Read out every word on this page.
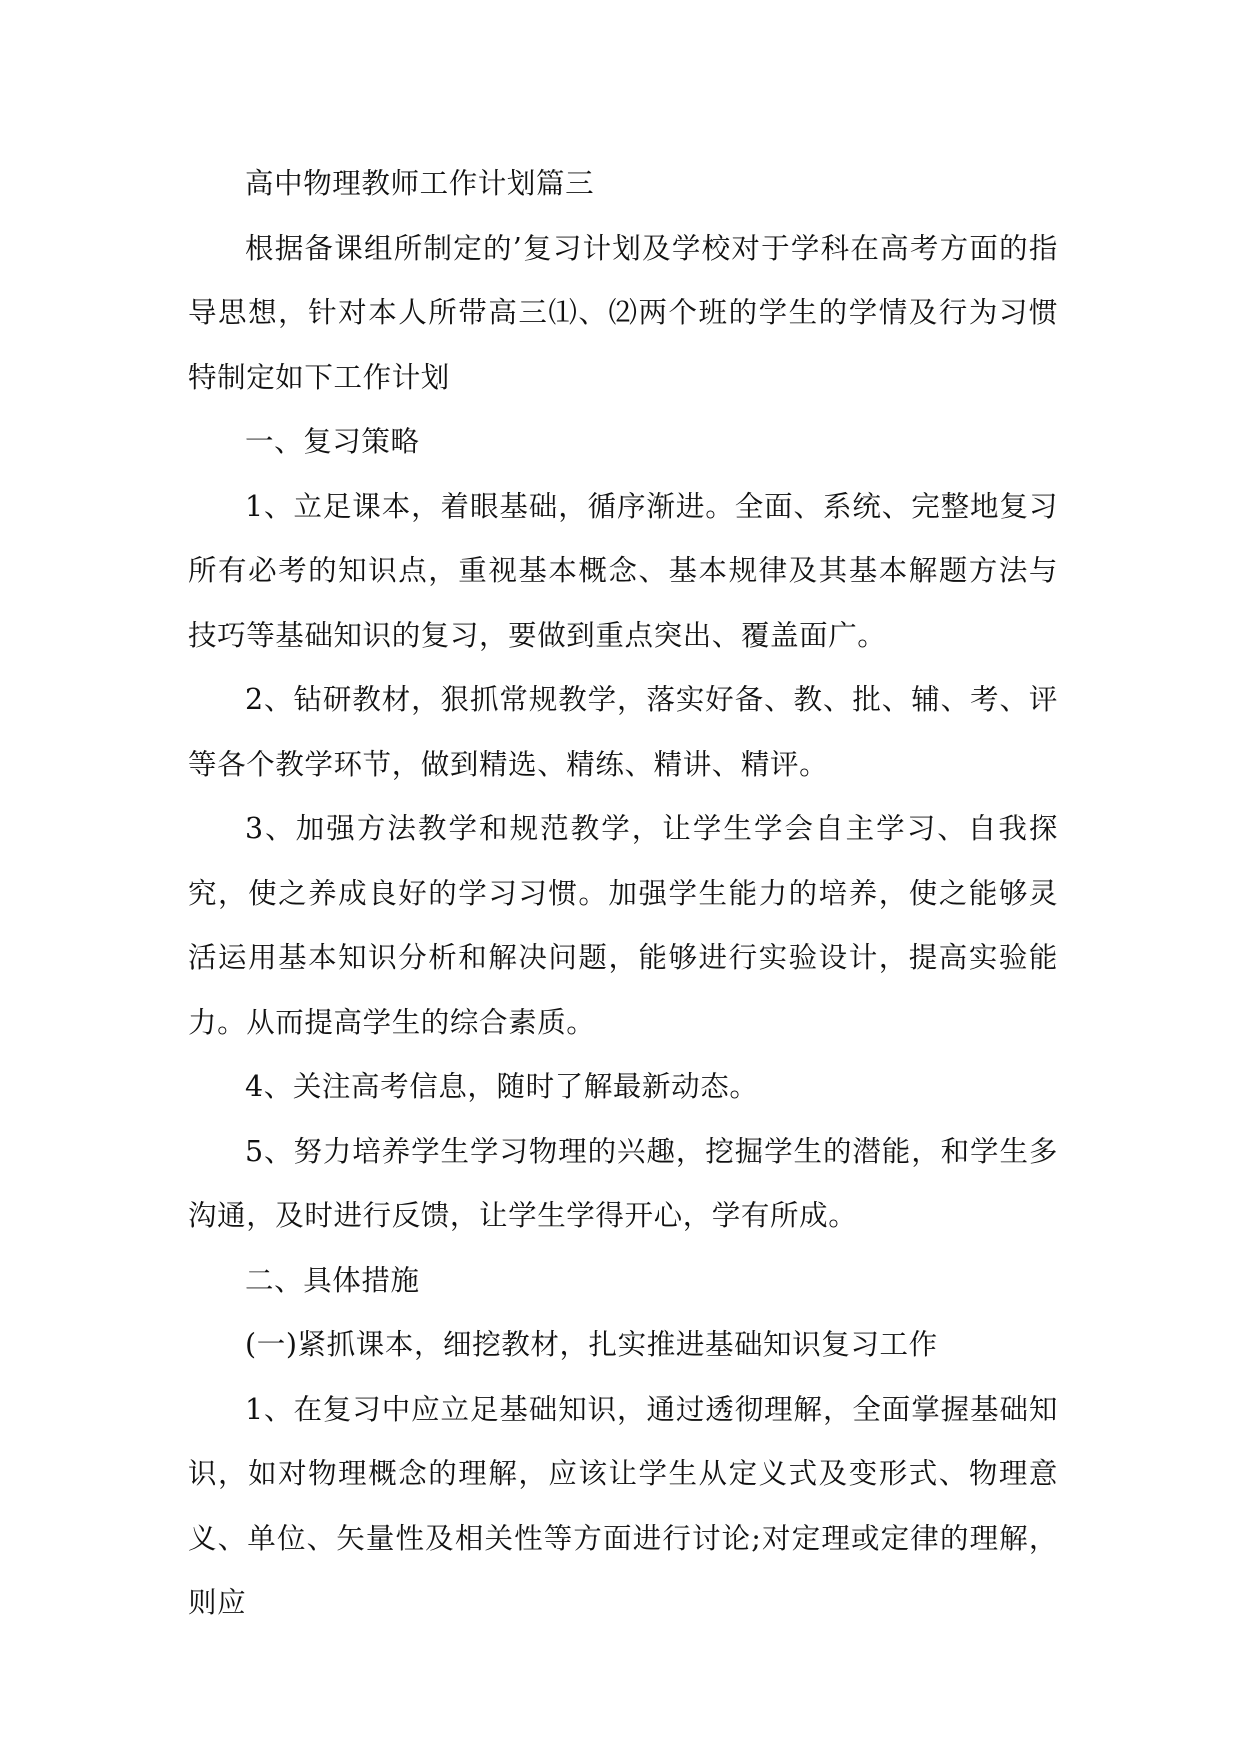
高中物理教师工作计划篇三

根据备课组所制定的’复习计划及学校对于学科在高考方面的指导思想，针对本人所带高三⑴、⑵两个班的学生的学情及行为习惯特制定如下工作计划

一、复习策略

1、立足课本，着眼基础，循序渐进。全面、系统、完整地复习所有必考的知识点，重视基本概念、基本规律及其基本解题方法与技巧等基础知识的复习，要做到重点突出、覆盖面广。

2、钻研教材，狠抓常规教学，落实好备、教、批、辅、考、评等各个教学环节，做到精选、精练、精讲、精评。

3、加强方法教学和规范教学，让学生学会自主学习、自我探究，使之养成良好的学习习惯。加强学生能力的培养，使之能够灵活运用基本知识分析和解决问题，能够进行实验设计，提高实验能力。从而提高学生的综合素质。

4、关注高考信息，随时了解最新动态。

5、努力培养学生学习物理的兴趣，挖掘学生的潜能，和学生多沟通，及时进行反馈，让学生学得开心，学有所成。

二、具体措施

(一)紧抓课本，细挖教材，扎实推进基础知识复习工作

1、在复习中应立足基础知识，通过透彻理解，全面掌握基础知识，如对物理概念的理解，应该让学生从定义式及变形式、物理意义、单位、矢量性及相关性等方面进行讨论;对定理或定律的理解，则应
